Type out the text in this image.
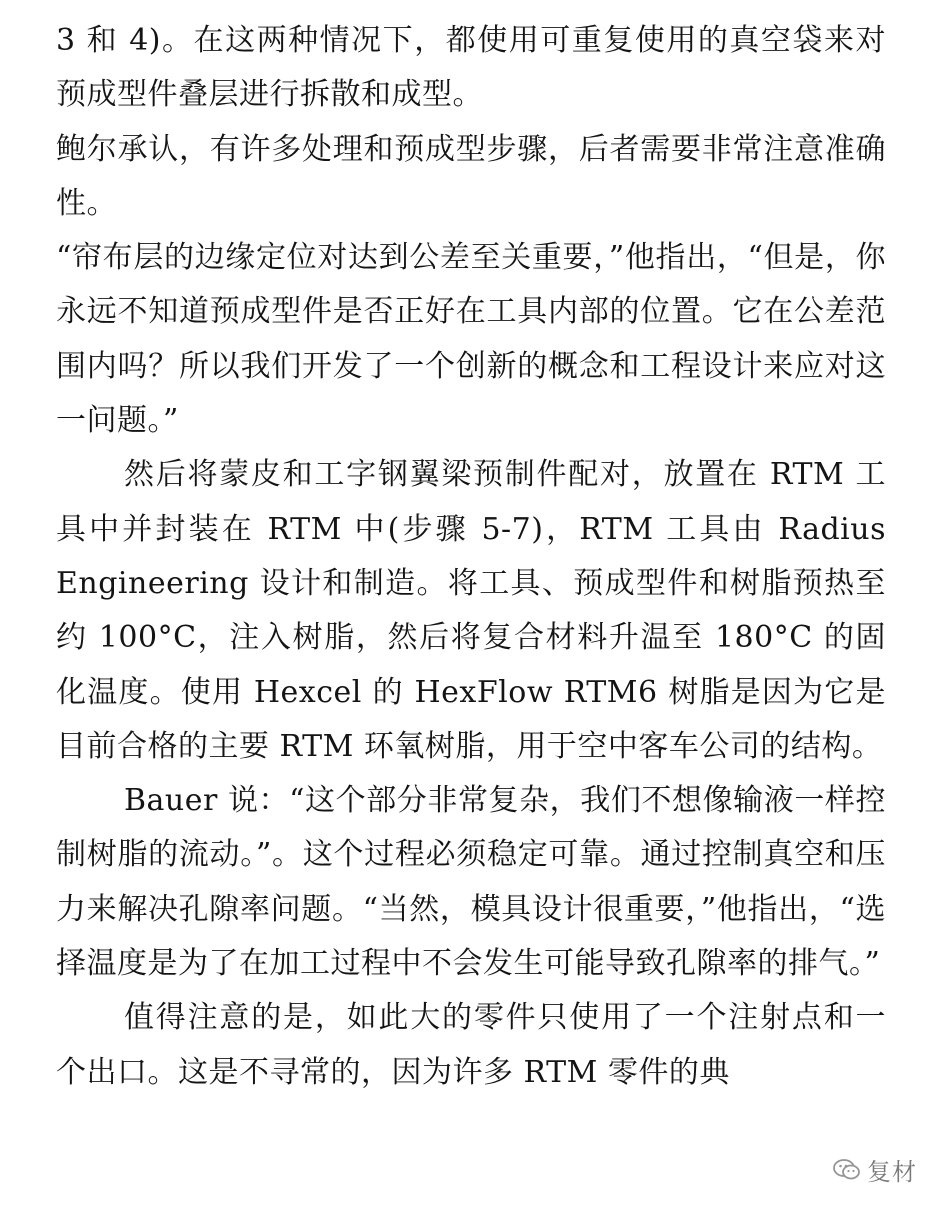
3 和 4)。在这两种情况下，都使用可重复使用的真空袋来对预成型件叠层进行拆散和成型。

鲍尔承认，有许多处理和预成型步骤，后者需要非常注意准确性。

“帘布层的边缘定位对达到公差至关重要，”他指出，“但是，你永远不知道预成型件是否正好在工具内部的位置。它在公差范围内吗？所以我们开发了一个创新的概念和工程设计来应对这一问题。”

然后将蒙皮和工字钢翼梁预制件配对，放置在 RTM 工具中并封装在 RTM 中(步骤 5-7)，RTM 工具由 Radius Engineering 设计和制造。将工具、预成型件和树脂预热至约 100°C，注入树脂，然后将复合材料升温至 180°C 的固化温度。使用 Hexcel 的 HexFlow RTM6 树脂是因为它是目前合格的主要 RTM 环氧树脂，用于空中客车公司的结构。

Bauer 说：“这个部分非常复杂，我们不想像输液一样控制树脂的流动。”。这个过程必须稳定可靠。通过控制真空和压力来解决孔隙率问题。“当然，模具设计很重要，”他指出，“选择温度是为了在加工过程中不会发生可能导致孔隙率的排气。”

值得注意的是，如此大的零件只使用了一个注射点和一个出口。这是不寻常的，因为许多 RTM 零件的典

复材
